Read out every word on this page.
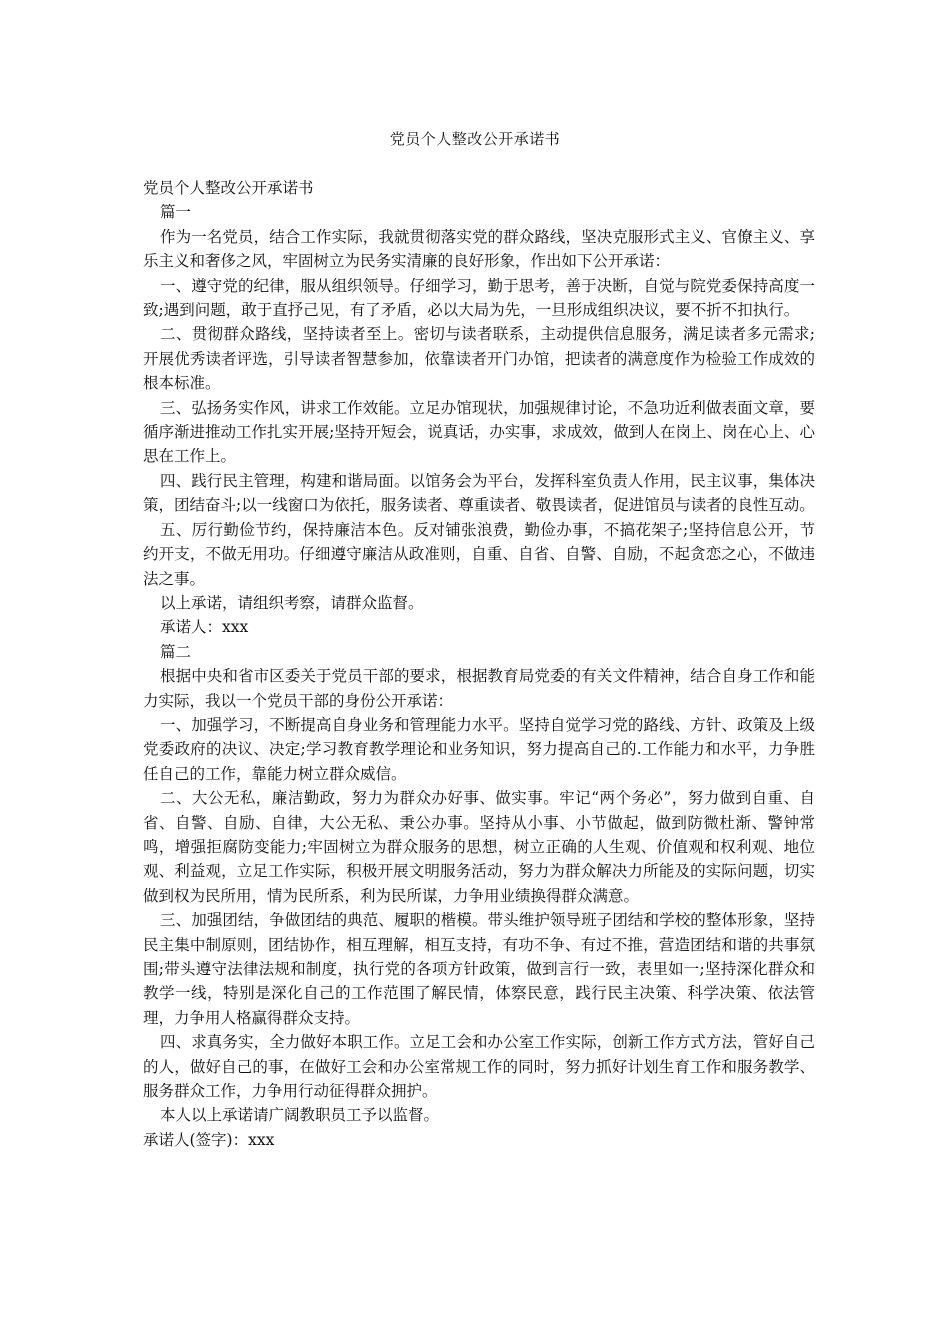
党员个人整改公开承诺书

党员个人整改公开承诺书

篇一

作为一名党员，结合工作实际，我就贯彻落实党的群众路线，坚决克服形式主义、官僚主义、享乐主义和奢侈之风，牢固树立为民务实清廉的良好形象，作出如下公开承诺：

一、遵守党的纪律，服从组织领导。仔细学习，勤于思考，善于决断，自觉与院党委保持高度一致;遇到问题，敢于直抒己见，有了矛盾，必以大局为先，一旦形成组织决议，要不折不扣执行。

二、贯彻群众路线，坚持读者至上。密切与读者联系，主动提供信息服务，满足读者多元需求;开展优秀读者评选，引导读者智慧参加，依靠读者开门办馆，把读者的满意度作为检验工作成效的根本标准。

三、弘扬务实作风，讲求工作效能。立足办馆现状，加强规律讨论，不急功近利做表面文章，要循序渐进推动工作扎实开展;坚持开短会，说真话，办实事，求成效，做到人在岗上、岗在心上、心思在工作上。

四、践行民主管理，构建和谐局面。以馆务会为平台，发挥科室负责人作用，民主议事，集体决策，团结奋斗;以一线窗口为依托，服务读者、尊重读者、敬畏读者，促进馆员与读者的良性互动。

五、厉行勤俭节约，保持廉洁本色。反对铺张浪费，勤俭办事，不搞花架子;坚持信息公开，节约开支，不做无用功。仔细遵守廉洁从政准则，自重、自省、自警、自励，不起贪恋之心，不做违法之事。

以上承诺，请组织考察，请群众监督。

承诺人：xxx

篇二

根据中央和省市区委关于党员干部的要求，根据教育局党委的有关文件精神，结合自身工作和能力实际，我以一个党员干部的身份公开承诺：

一、加强学习，不断提高自身业务和管理能力水平。坚持自觉学习党的路线、方针、政策及上级党委政府的决议、决定;学习教育教学理论和业务知识，努力提高自己的.工作能力和水平，力争胜任自己的工作，靠能力树立群众威信。

二、大公无私，廉洁勤政，努力为群众办好事、做实事。牢记“两个务必”，努力做到自重、自省、自警、自励、自律，大公无私、秉公办事。坚持从小事、小节做起，做到防微杜渐、警钟常鸣，增强拒腐防变能力;牢固树立为群众服务的思想，树立正确的人生观、价值观和权利观、地位观、利益观，立足工作实际，积极开展文明服务活动，努力为群众解决力所能及的实际问题，切实做到权为民所用，情为民所系，利为民所谋，力争用业绩换得群众满意。

三、加强团结，争做团结的典范、履职的楷模。带头维护领导班子团结和学校的整体形象，坚持民主集中制原则，团结协作，相互理解，相互支持，有功不争、有过不推，营造团结和谐的共事氛围;带头遵守法律法规和制度，执行党的各项方针政策，做到言行一致，表里如一;坚持深化群众和教学一线，特别是深化自己的工作范围了解民情，体察民意，践行民主决策、科学决策、依法管理，力争用人格赢得群众支持。

四、求真务实，全力做好本职工作。立足工会和办公室工作实际，创新工作方式方法，管好自己的人，做好自己的事，在做好工会和办公室常规工作的同时，努力抓好计划生育工作和服务教学、服务群众工作，力争用行动征得群众拥护。

本人以上承诺请广阔教职员工予以监督。

承诺人(签字)：xxx
